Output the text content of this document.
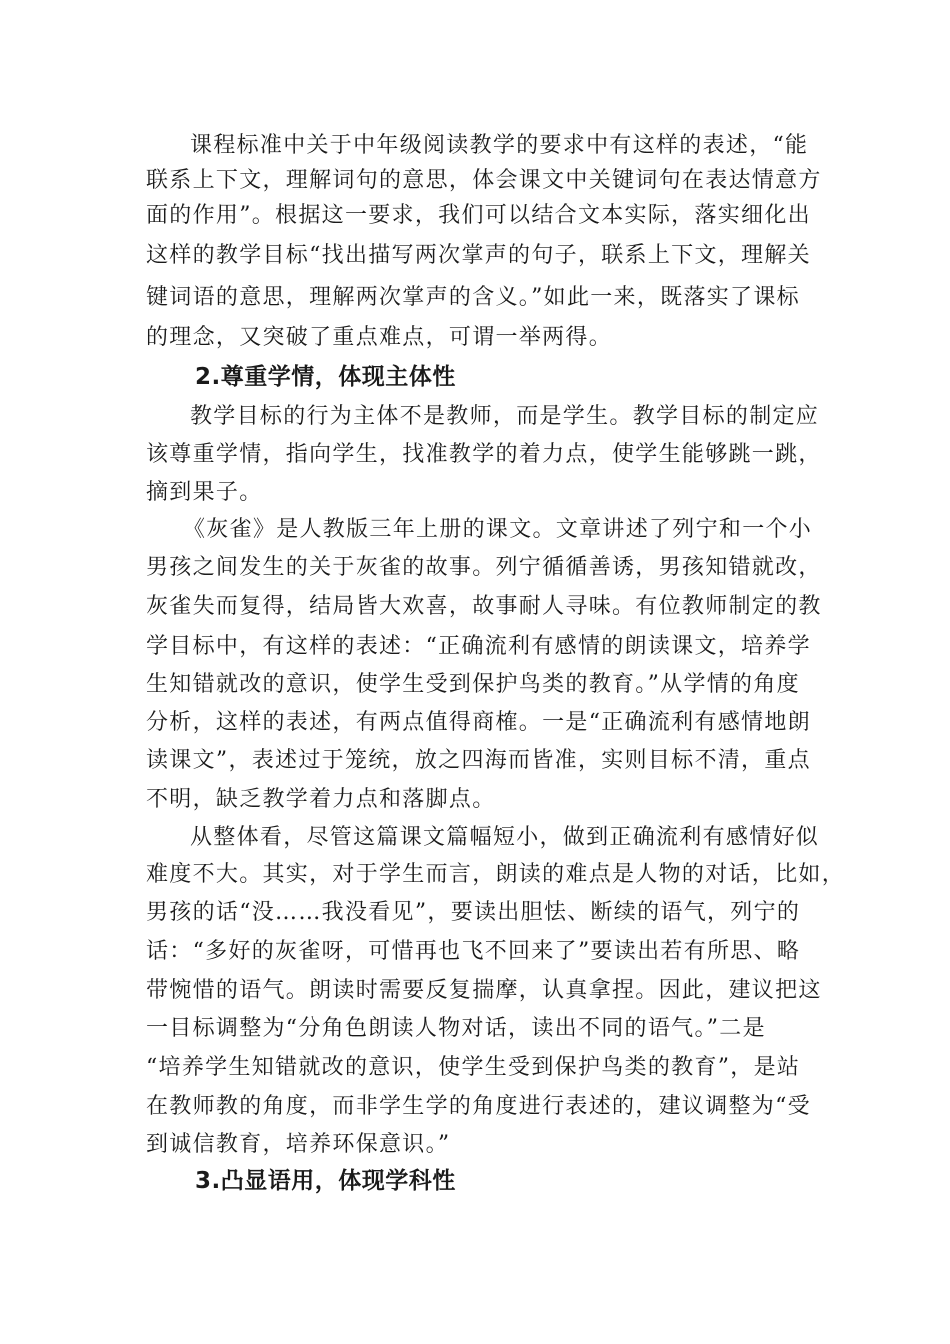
课程标准中关于中年级阅读教学的要求中有这样的表述，“能
联系上下文，理解词句的意思，体会课文中关键词句在表达情意方
面的作用”。根据这一要求，我们可以结合文本实际，落实细化出
这样的教学目标“找出描写两次掌声的句子，联系上下文，理解关
键词语的意思，理解两次掌声的含义。”如此一来，既落实了课标
的理念，又突破了重点难点，可谓一举两得。
2.尊重学情，体现主体性
教学目标的行为主体不是教师，而是学生。教学目标的制定应
该尊重学情，指向学生，找准教学的着力点，使学生能够跳一跳，
摘到果子。
《灰雀》是人教版三年上册的课文。文章讲述了列宁和一个小
男孩之间发生的关于灰雀的故事。列宁循循善诱，男孩知错就改，
灰雀失而复得，结局皆大欢喜，故事耐人寻味。有位教师制定的教
学目标中，有这样的表述：“正确流利有感情的朗读课文，培养学
生知错就改的意识，使学生受到保护鸟类的教育。”从学情的角度
分析，这样的表述，有两点值得商榷。一是“正确流利有感情地朗
读课文”，表述过于笼统，放之四海而皆准，实则目标不清，重点
不明，缺乏教学着力点和落脚点。
从整体看，尽管这篇课文篇幅短小，做到正确流利有感情好似
难度不大。其实，对于学生而言，朗读的难点是人物的对话，比如，
男孩的话“没……我没看见”，要读出胆怯、断续的语气，列宁的
话：“多好的灰雀呀，可惜再也飞不回来了”要读出若有所思、略
带惋惜的语气。朗读时需要反复揣摩，认真拿捏。因此，建议把这
一目标调整为“分角色朗读人物对话，读出不同的语气。”二是
“培养学生知错就改的意识，使学生受到保护鸟类的教育”，是站
在教师教的角度，而非学生学的角度进行表述的，建议调整为“受
到诚信教育，培养环保意识。”
3.凸显语用，体现学科性
